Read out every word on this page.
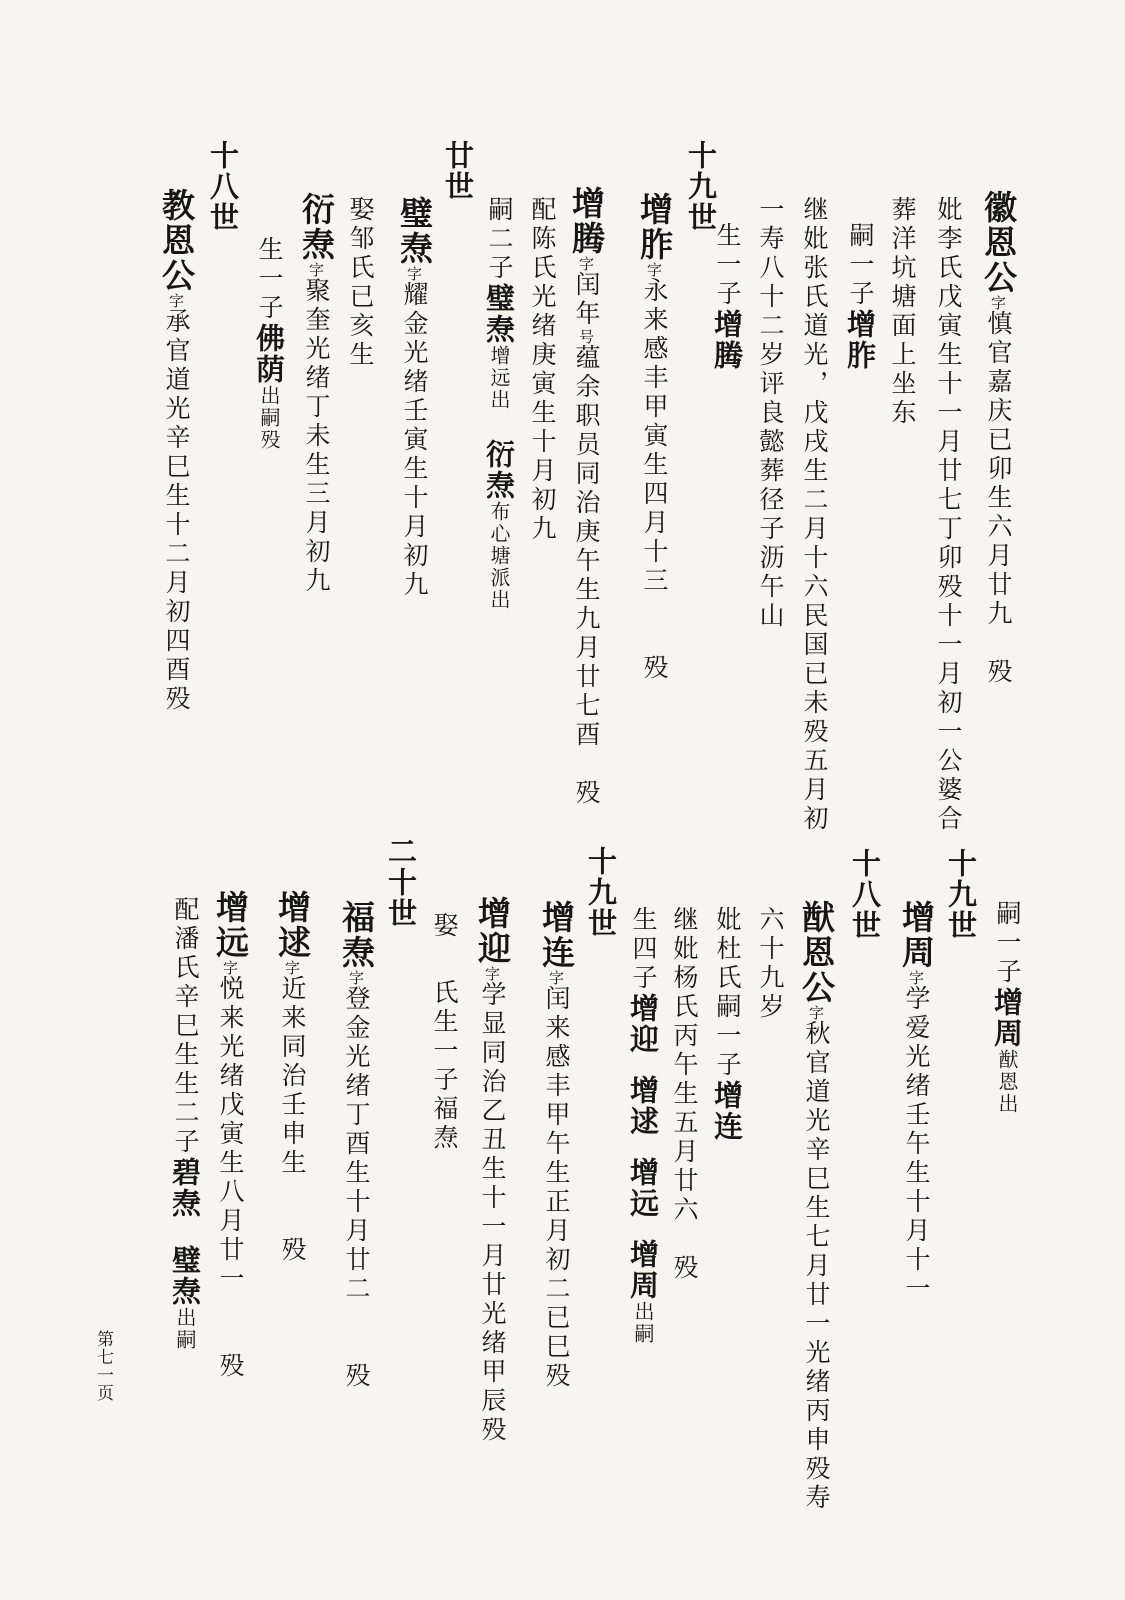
徽恩公字慎官嘉庆已卯生六月廿九　殁
妣李氏戊寅生十一月廿七丁卯殁十一月初一公婆合
葬洋坑塘面上坐东
嗣一子增胙
继妣张氏道光，戊戌生二月十六民国已未殁五月初
一寿八十二岁评良懿葬径子沥午山
生一子增腾
十九世
增胙字永来感丰甲寅生四月十三　　殁
增腾字闰年号蕴余职员同治庚午生九月廿七酉　殁
配陈氏光绪庚寅生十月初九
嗣二子璧焘增远出衍焘布心塘派出
廿世
璧焘字耀金光绪壬寅生十月初九
娶邹氏已亥生
衍焘字聚奎光绪丁未生三月初九
生一子佛荫出嗣殁
十八世
教恩公字承官道光辛巳生十二月初四酉殁
嗣一子增周猷恩出
十九世
增周字学爱光绪壬午生十月十一
十八世
猷恩公字秋官道光辛巳生七月廿一光绪丙申殁寿
六十九岁
妣杜氏嗣一子增连
继妣杨氏丙午生五月廿六　殁
生四子增迎增逑增远增周出嗣
十九世
增连字闰来感丰甲午生正月初二已巳殁
增迎字学显同治乙丑生十一月廿光绪甲辰殁
娶氏生一子福焘
二十世
福焘字登金光绪丁酉生十月廿二　　殁
增逑字近来同治壬申生　　殁
增远字悦来光绪戊寅生八月廿一　　殁
配潘氏辛巳生生二子碧焘璧焘出嗣
第七一页
